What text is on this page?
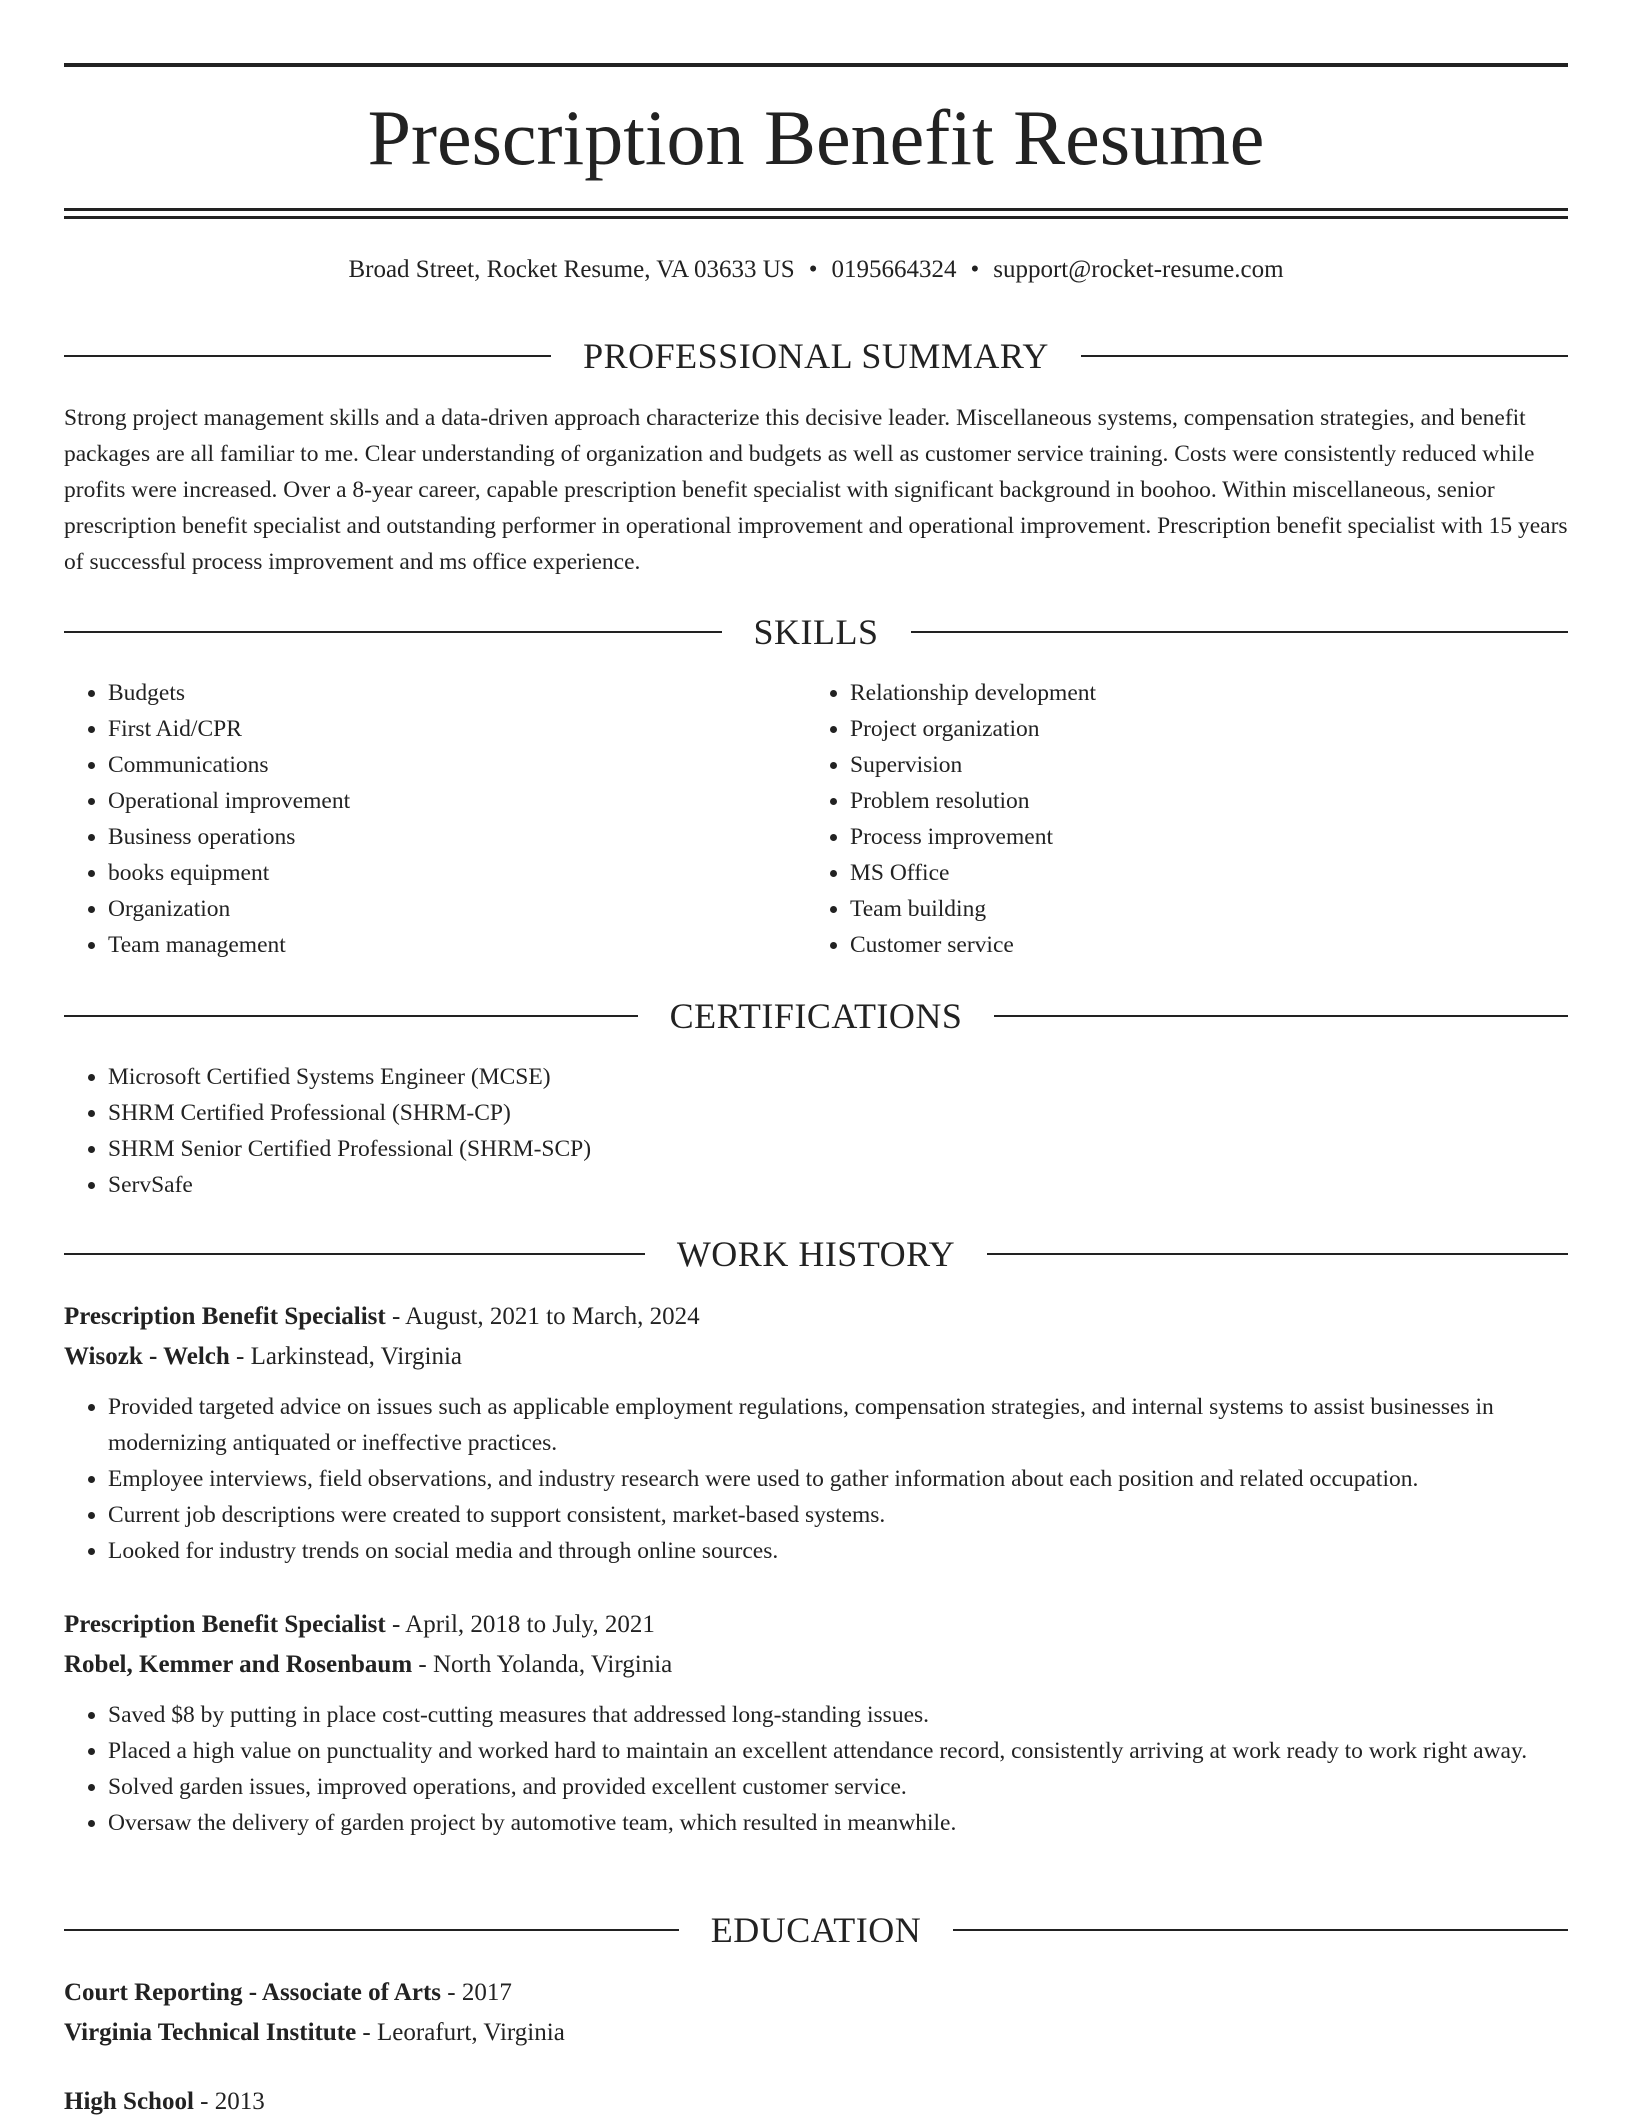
Prescription Benefit Resume
Broad Street, Rocket Resume, VA 03633 US • 0195664324 • support@rocket-resume.com
PROFESSIONAL SUMMARY

Strong project management skills and a data-driven approach characterize this decisive leader. Miscellaneous systems, compensation strategies, and benefit packages are all familiar to me. Clear understanding of organization and budgets as well as customer service training. Costs were consistently reduced while profits were increased. Over a 8-year career, capable prescription benefit specialist with significant background in boohoo. Within miscellaneous, senior prescription benefit specialist and outstanding performer in operational improvement and operational improvement. Prescription benefit specialist with 15 years of successful process improvement and ms office experience.

SKILLS
• Budgets
• First Aid/CPR
• Communications
• Operational improvement
• Business operations
• books equipment
• Organization
• Team management
• Relationship development
• Project organization
• Supervision
• Problem resolution
• Process improvement
• MS Office
• Team building
• Customer service
CERTIFICATIONS
• Microsoft Certified Systems Engineer (MCSE)
• SHRM Certified Professional (SHRM-CP)
• SHRM Senior Certified Professional (SHRM-SCP)
• ServSafe
WORK HISTORY
Prescription Benefit Specialist - August, 2021 to March, 2024
Wisozk - Welch - Larkinstead, Virginia
• Provided targeted advice on issues such as applicable employment regulations, compensation strategies, and internal systems to assist businesses in modernizing antiquated or ineffective practices.
• Employee interviews, field observations, and industry research were used to gather information about each position and related occupation.
• Current job descriptions were created to support consistent, market-based systems.
• Looked for industry trends on social media and through online sources.
Prescription Benefit Specialist - April, 2018 to July, 2021
Robel, Kemmer and Rosenbaum - North Yolanda, Virginia
• Saved $8 by putting in place cost-cutting measures that addressed long-standing issues.
• Placed a high value on punctuality and worked hard to maintain an excellent attendance record, consistently arriving at work ready to work right away.
• Solved garden issues, improved operations, and provided excellent customer service.
• Oversaw the delivery of garden project by automotive team, which resulted in meanwhile.
EDUCATION
Court Reporting - Associate of Arts - 2017
Virginia Technical Institute - Leorafurt, Virginia
High School - 2013
